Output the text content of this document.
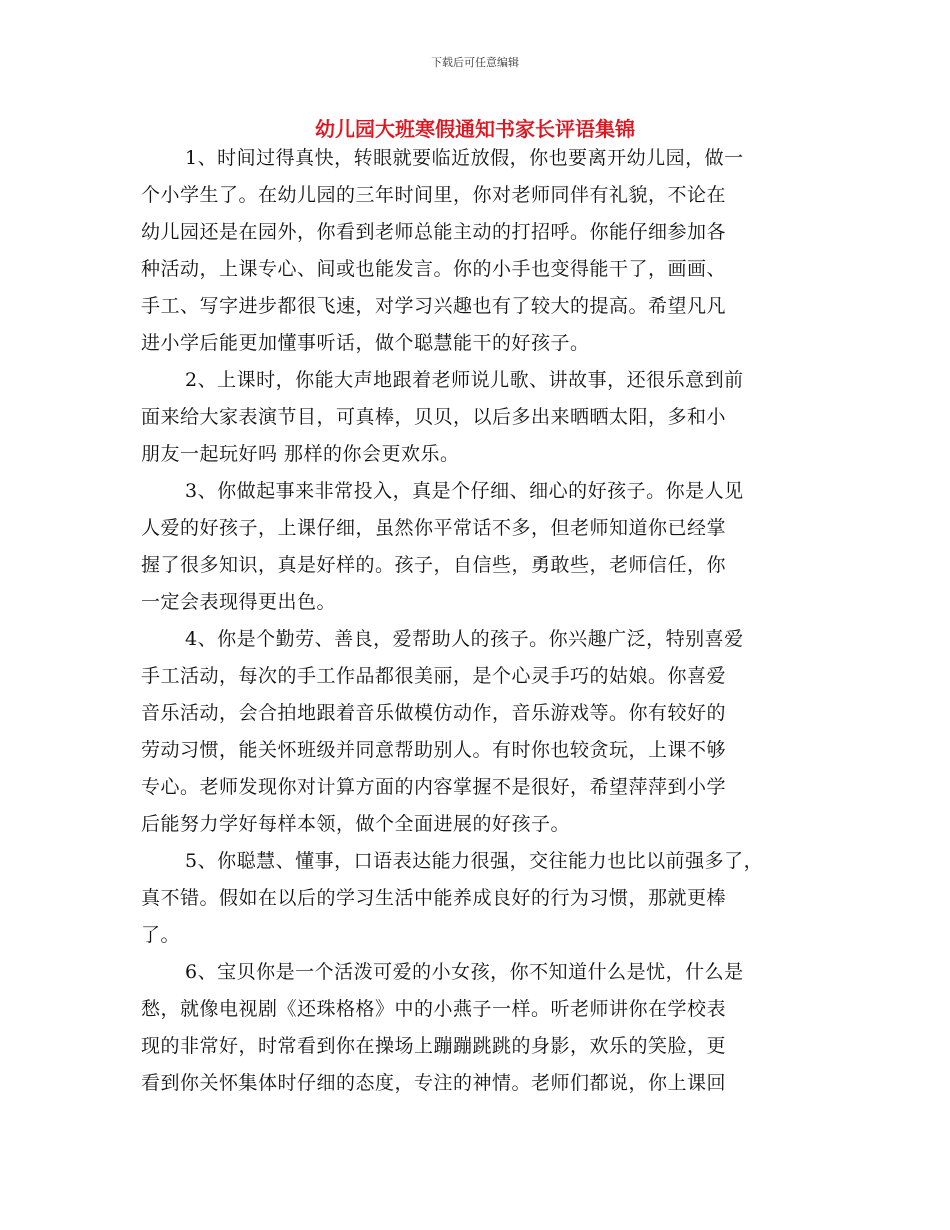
下载后可任意编辑
幼儿园大班寒假通知书家长评语集锦
1、时间过得真快，转眼就要临近放假，你也要离开幼儿园，做一
个小学生了。在幼儿园的三年时间里，你对老师同伴有礼貌，不论在
幼儿园还是在园外，你看到老师总能主动的打招呼。你能仔细参加各
种活动，上课专心、间或也能发言。你的小手也变得能干了，画画、
手工、写字进步都很飞速，对学习兴趣也有了较大的提高。希望凡凡
进小学后能更加懂事听话，做个聪慧能干的好孩子。
2、上课时，你能大声地跟着老师说儿歌、讲故事，还很乐意到前
面来给大家表演节目，可真棒，贝贝，以后多出来晒晒太阳，多和小
朋友一起玩好吗 那样的你会更欢乐。
3、你做起事来非常投入，真是个仔细、细心的好孩子。你是人见
人爱的好孩子，上课仔细，虽然你平常话不多，但老师知道你已经掌
握了很多知识，真是好样的。孩子，自信些，勇敢些，老师信任，你
一定会表现得更出色。
4、你是个勤劳、善良，爱帮助人的孩子。你兴趣广泛，特别喜爱
手工活动，每次的手工作品都很美丽，是个心灵手巧的姑娘。你喜爱
音乐活动，会合拍地跟着音乐做模仿动作，音乐游戏等。你有较好的
劳动习惯，能关怀班级并同意帮助别人。有时你也较贪玩，上课不够
专心。老师发现你对计算方面的内容掌握不是很好，希望萍萍到小学
后能努力学好每样本领，做个全面进展的好孩子。
5、你聪慧、懂事，口语表达能力很强，交往能力也比以前强多了，
真不错。假如在以后的学习生活中能养成良好的行为习惯，那就更棒
了。
6、宝贝你是一个活泼可爱的小女孩，你不知道什么是忧，什么是
愁，就像电视剧《还珠格格》中的小燕子一样。听老师讲你在学校表
现的非常好，时常看到你在操场上蹦蹦跳跳的身影，欢乐的笑脸，更
看到你关怀集体时仔细的态度，专注的神情。老师们都说，你上课回
